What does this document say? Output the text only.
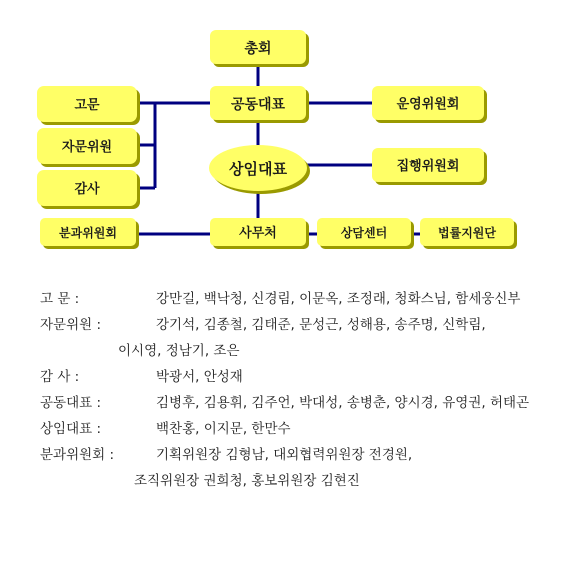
총회
공동대표
상임대표
운영위원회
집행위원회
고문
자문위원
감사
분과위원회	사무처	상담센터	법률지원단
고 문 :	강만길, 백낙청, 신경림, 이문옥, 조정래, 청화스님, 함세웅신부
자문위원 :	강기석, 김종철, 김태준, 문성근, 성해용, 송주명, 신학림,
이시영, 정남기, 조은
감 사 :	박광서, 안성재
공동대표 :	김병후, 김용휘, 김주언, 박대성, 송병춘, 양시경, 유영권, 허태곤
상임대표 :	백찬홍, 이지문, 한만수
분과위원회 :	기획위원장 김형남, 대외협력위원장 전경원,
조직위원장 권희청, 홍보위원장 김현진
